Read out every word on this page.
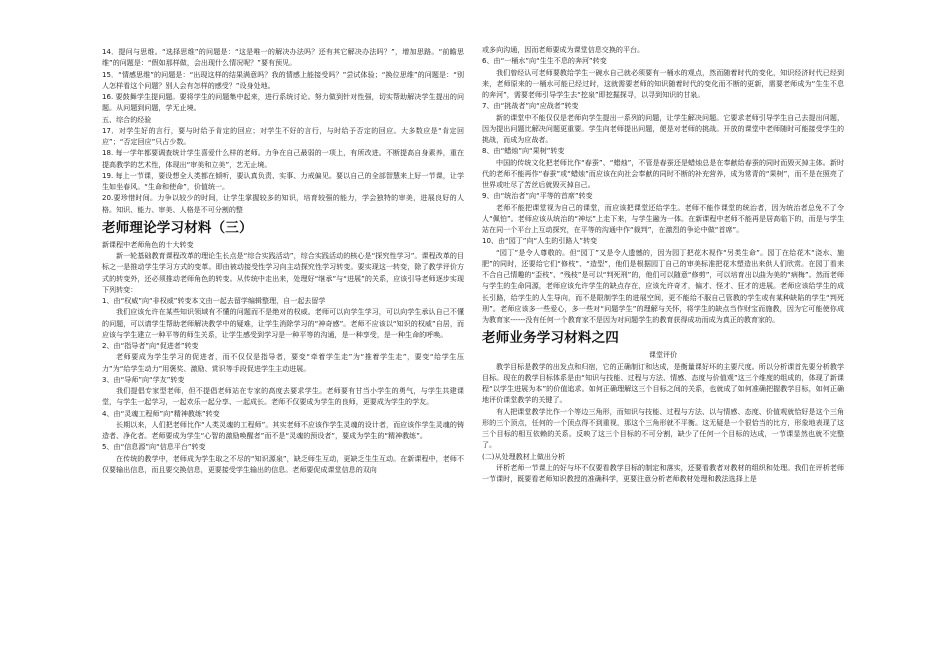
14．提问与思维。“选择思维”的问题是：“这是唯一的解决办法吗？还有其它解决办法吗？”，增加思路。“前瞻思维”的问题是：“假如那样做，会出现什么情况呢？”要有预见。

15．“情感思维”的问题是：“出现这样的结果满意吗？我的情感上能接受吗？”尝试体验；“换位思维”的问题是：“别人怎样看这个问题？别人会有怎样的感受？”设身处地。

16. 要鼓舞学生提问题。要将学生的问题集中起来，进行系统讨论。努力做到针对性强，切实帮助解决学生提出的问题。从问题到问题，学无止境。

五、综合的经验

17．对学生好的言行，要与时给予肯定的回应；对学生不好的言行，与时给予否定的回应。大多数应是“肯定回应”；“否定回应”只占少数。

18. 每一学年都要调查统计学生喜爱什么样的老师。力争在自己最弱的一项上，有所改进。不断提高自身素养，重在提高教学的艺术性，体现出“审美和立美”，艺无止境。

19. 每上一节课，要设想全人类都在倾听，要认真负责、实事、力戒偏见。要以自己的全部智慧来上好一节课，让学生如坐春风。“生命和使命”，价值统一。

20.要珍惜时间。力争以较少的时间，让学生掌握较多的知识，培育较强的能力，学会独特的审美，进展良好的人格。知识、能力、审美、人格是不可分割的整

老师理论学习材料（三）

新课程中老师角色的十大转变

新一轮基础教育课程改革的理论生长点是“综合实践活动”，综合实践活动的核心是“探究性学习”。课程改革的目标之一是推动学生学习方式的变革。即由被动接受性学习向主动探究性学习转变。要实现这一转变，除了教学评价方式的转变外，还必须推动老师角色的转变。从传统中走出来，处理好“继承”与“进展”的关系，应该引导老师逐步实现下列转变：

1、由“权威”向“非权威”转变本文由一起去留学编辑整理，自一起去留学

我们应该允许在某些知识领域有不懂的问题而不是绝对的权威。老师可以向学生学习，可以向学生承认自己不懂的问题，可以请学生帮助老师解决教学中的疑难，让学生消除学习的“神奇感”。老师不应该以“知识的权威”自居，而应该与学生建立一种平等的师生关系，让学生感受到学习是一种平等的沟通，是一种享受，是一种生命的呼唤。

2、由“指导者”向“促进者”转变

老师要成为学生学习的促进者，而不仅仅是指导者，要变“牵着学生走”为“推着学生走”，要变“给学生压力”为“给学生动力”用褒奖、激励、赏识等手段促进学生主动进展。

3、由“导师”向“学友”转变

我们提倡专家型老师，但不提倡老师站在专家的高度去要求学生。老师要有甘当小学生的勇气，与学生共建课堂，与学生一起学习，一起欢乐一起分享、一起成长。老师不仅要成为学生的良师，更要成为学生的学友。

4、由“灵魂工程师”向“精神教练”转变

长期以来，人们把老师比作“人类灵魂的工程师”。其实老师不应该作学生灵魂的设计者，而应该作学生灵魂的铸造者、净化者。老师要成为学生“心智的激励唤醒者”而不是“灵魂的预设者”，要成为学生的“精神教练”。

5、由“信息源”向“信息平台”转变

在传统的教学中，老师成为学生取之不尽的“知识源泉”，缺乏师生互动，更缺乏生生互动。在新课程中，老师不仅要输出信息，而且要交换信息，更要接受学生输出的信息。老师要促成课堂信息的双向

或多向沟通，因而老师要成为课堂信息交换的平台。

6、由“一桶水”向“生生不息的奔河”转变

我们曾经认可老师要教给学生一碗水自己就必须要有一桶水的观点，然而随着时代的变化，知识经济时代已经到来，老师原来的一桶水可能已经过时，这就需要老师的知识随着时代的变化而不断的更新，需要老师成为“生生不息的奔河”，需要老师引导学生去“挖泉”即挖掘探寻，以寻到知识的甘泉。

7、由“挑战者”向“应战者”转变

新的课堂中不能仅仅是老师向学生提出一系列的问题，让学生解决问题。它要求老师引导学生自己去提出问题，因为提出问题比解决问题更重要。学生向老师提出问题，便是对老师的挑战。开放的课堂中老师随时可能接受学生的挑战，而成为应战者。

8、由“蜡烛”向“果树”转变

中国的传统文化把老师比作“春蚕”、“蜡烛”，不管是春蚕还是蜡烛总是在奉献给春蚕的同时而毁灭掉主体。新时代的老师不能再作“春蚕”或“蜡烛”而应该在向社会奉献的同时不断的补充营养，成为常青的“果树”，而不是在照亮了世界或吐尽了苦丝后就毁灭掉自己。

9、由“统治者”向“平等的首席”转变

老师不能把课堂视为自己的课堂，而应该把课堂还给学生。老师不能作课堂的统治者，因为统治者总免不了令人“佩怕”。老师应该从统治的“神坛”上走下来，与学生融为一体。在新课程中老师不能再是居高临下的，而是与学生站在同一个平台上互动探究，在平等的沟通中作“裁判”，在激烈的争论中做“首席”。

10、由“园丁”向“人生的引路人”转变

“园丁”是令人尊敬的。但“园丁”又是令人遗憾的，因为园丁把花木视作“另类生命”。园丁在给花木“浇水、施肥”的同时，还要给它们“修枝”、“造型”，他们是根据园丁自己的审美标准把花木塑造出来供人们欣赏。在园丁看来不合自己情趣的“歪枝”、“残枝”是可以“判死刑”的，他们可以随意“修剪”，可以培育出以曲为美的“病梅”。然而老师与学生的生命同源，老师应该允许学生的缺点存在，应该允许奇才，偏才、怪才、狂才的进展。老师应该给学生的成长引路，给学生的人生导向，而不是限制学生的进展空间，更不能给不服自己管教的学生或有某种缺陷的学生“判死刑”。老师应该多一些爱心，多一些对“问题学生”的理解与关怀，将学生的缺点当作财宝而施教，因为它可能使你成为教育家------没有任何一个教育家不是因为对问题学生的教育获得成功而成为真正的教育家的。

老师业务学习材料之四

课堂评价

教学目标是教学的出发点和归宿，它的正确制订和达成，是衡量课好坏的主要尺度。所以分析课首先要分析教学目标。现在的教学目标体系是由“知识与技能、过程与方法、情感、态度与价值观”这三个维度的组成的，体现了新课程“以学生进展为本”的价值追求。如何正确理解这三个目标之间的关系，也就成了如何准确把握教学目标，如何正确地评价课堂教学的关键了。

有人把课堂教学比作一个等边三角形，而知识与技能、过程与方法、以与情感、态度、价值观就恰好是这个三角形的三个顶点，任何的一个顶点得不到重视，那这个三角形就不平衡。这无疑是一个很恰当的比方，形象地表现了这三个目标的相互依赖的关系。反映了这三个目标的不可分割，缺少了任何一个目标的达成，一节课显然也就不完整了。

(二)从处理教材上做出分析

评析老师一节课上的好与坏不仅要看教学目标的制定和落实，还要看教者对教材的组织和处理。我们在评析老师一节课时，既要看老师知识教授的准确科学，更要注意分析老师教材处理和教法选择上是
